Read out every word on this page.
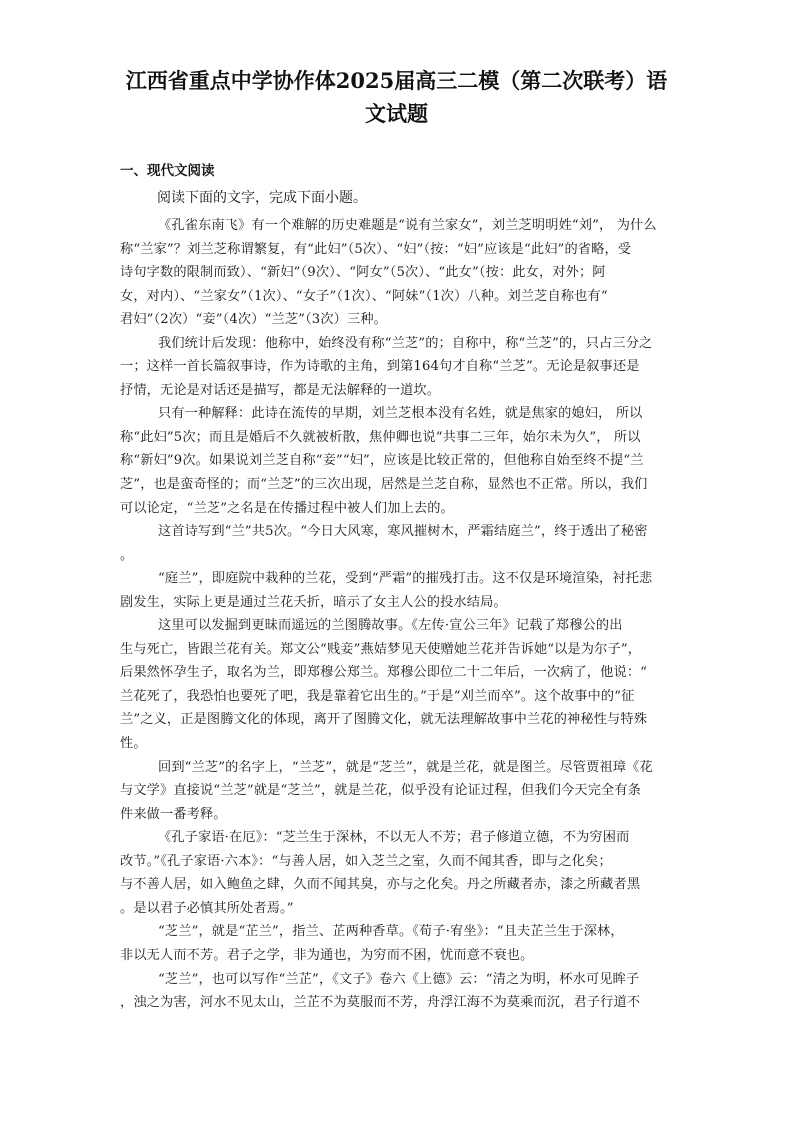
江西省重点中学协作体2025届高三二模（第二次联考）语
文试题
一、现代文阅读
阅读下面的文字，完成下面小题。
《孔雀东南飞》有一个难解的历史难题是“说有兰家女”，刘兰芝明明姓“刘”， 为什么
称“兰家”？刘兰芝称谓繁复，有“此妇”（5次）、“妇”（按：“妇”应该是“此妇”的省略，受
诗句字数的限制而致）、“新妇”（9次）、“阿女”（5次）、“此女”（按：此女，对外；阿
女，对内）、“兰家女”（1次）、“女子”（1次）、“阿妹”（1次）八种。刘兰芝自称也有“
君妇”（2次）“妾”（4次）“兰芝”（3次）三种。
我们统计后发现：他称中，始终没有称“兰芝”的；自称中，称“兰芝”的，只占三分之
一；这样一首长篇叙事诗，作为诗歌的主角，到第164句才自称“兰芝”。无论是叙事还是
抒情，无论是对话还是描写，都是无法解释的一道坎。
只有一种解释：此诗在流传的早期，刘兰芝根本没有名姓，就是焦家的媳妇， 所以
称“此妇”5次；而且是婚后不久就被析散，焦仲卿也说“共事二三年，始尔未为久”， 所以
称“新妇”9次。如果说刘兰芝自称“妾”“妇”，应该是比较正常的，但他称自始至终不提“兰
芝”，也是蛮奇怪的；而“兰芝”的三次出现，居然是兰芝自称，显然也不正常。所以，我们
可以论定，“兰芝”之名是在传播过程中被人们加上去的。
这首诗写到“兰”共5次。“今日大风寒，寒风摧树木，严霜结庭兰”，终于透出了秘密
。
“庭兰”，即庭院中栽种的兰花，受到“严霜”的摧残打击。这不仅是环境渲染，衬托悲
剧发生，实际上更是通过兰花夭折，暗示了女主人公的投水结局。
这里可以发掘到更昧而遥远的兰图腾故事。《左传·宣公三年》记载了郑穆公的出
生与死亡，皆跟兰花有关。郑文公“贱妾”燕姞梦见天使赠她兰花并告诉她“以是为尔子”，
后果然怀孕生子，取名为兰，即郑穆公郑兰。郑穆公即位二十二年后，一次病了，他说：“
兰花死了，我恐怕也要死了吧，我是靠着它出生的。”于是“刈兰而卒”。这个故事中的“征
兰”之义，正是图腾文化的体现，离开了图腾文化，就无法理解故事中兰花的神秘性与特殊
性。
回到“兰芝”的名字上，“兰芝”，就是“芝兰”，就是兰花，就是图兰。尽管贾祖璋《花
与文学》直接说“兰芝”就是“芝兰”，就是兰花，似乎没有论证过程，但我们今天完全有条
件来做一番考释。
《孔子家语·在厄》：“芝兰生于深林，不以无人不芳；君子修道立德，不为穷困而
改节。”《孔子家语·六本》：“与善人居，如入芝兰之室，久而不闻其香，即与之化矣；
与不善人居，如入鲍鱼之肆，久而不闻其臭，亦与之化矣。丹之所藏者赤，漆之所藏者黑
。是以君子必慎其所处者焉。”
“芝兰”，就是“芷兰”，指兰、芷两种香草。《荀子·宥坐》：“且夫芷兰生于深林，
非以无人而不芳。君子之学，非为通也，为穷而不困，忧而意不衰也。
“芝兰”，也可以写作“兰芷”，《文子》卷六《上德》云：“清之为明，杯水可见眸子
，浊之为害，河水不见太山，兰芷不为莫服而不芳，舟浮江海不为莫乘而沉，君子行道不
